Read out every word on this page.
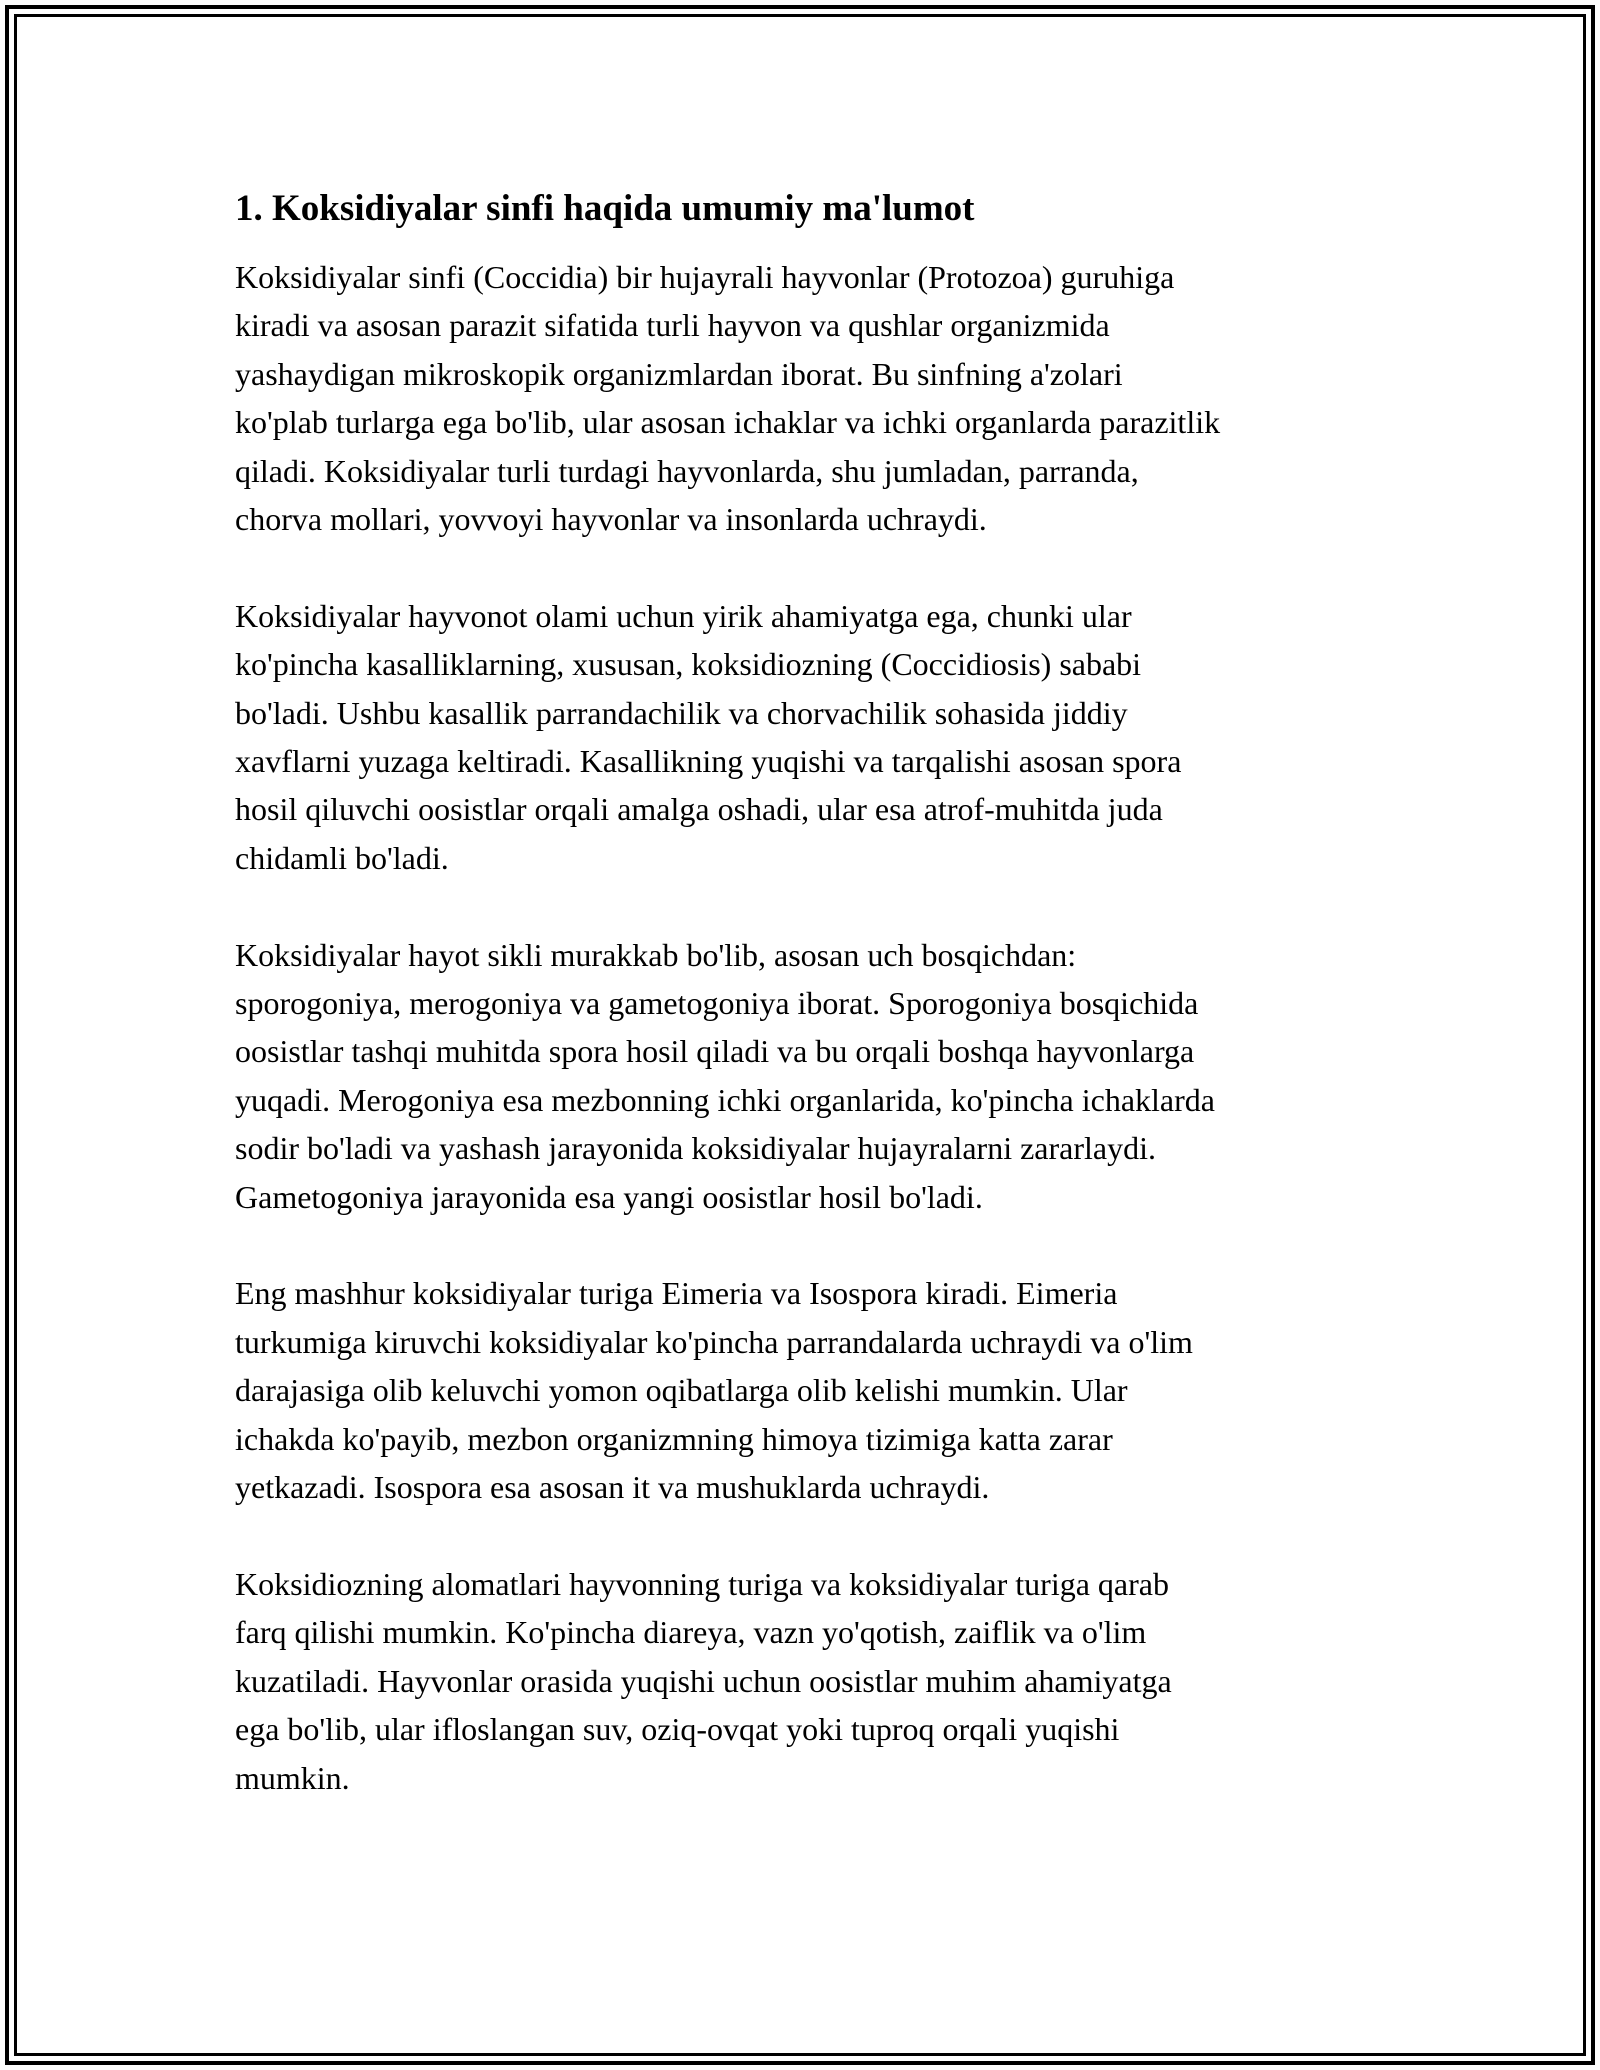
1. Koksidiyalar sinfi haqida umumiy ma'lumot

Koksidiyalar sinfi (Coccidia) bir hujayrali hayvonlar (Protozoa) guruhiga
kiradi va asosan parazit sifatida turli hayvon va qushlar organizmida
yashaydigan mikroskopik organizmlardan iborat. Bu sinfning a'zolari
ko'plab turlarga ega bo'lib, ular asosan ichaklar va ichki organlarda parazitlik
qiladi. Koksidiyalar turli turdagi hayvonlarda, shu jumladan, parranda,
chorva mollari, yovvoyi hayvonlar va insonlarda uchraydi.

Koksidiyalar hayvonot olami uchun yirik ahamiyatga ega, chunki ular
ko'pincha kasalliklarning, xususan, koksidiozning (Coccidiosis) sababi
bo'ladi. Ushbu kasallik parrandachilik va chorvachilik sohasida jiddiy
xavflarni yuzaga keltiradi. Kasallikning yuqishi va tarqalishi asosan spora
hosil qiluvchi oosistlar orqali amalga oshadi, ular esa atrof-muhitda juda
chidamli bo'ladi.

Koksidiyalar hayot sikli murakkab bo'lib, asosan uch bosqichdan:
sporogoniya, merogoniya va gametogoniya iborat. Sporogoniya bosqichida
oosistlar tashqi muhitda spora hosil qiladi va bu orqali boshqa hayvonlarga
yuqadi. Merogoniya esa mezbonning ichki organlarida, ko'pincha ichaklarda
sodir bo'ladi va yashash jarayonida koksidiyalar hujayralarni zararlaydi.
Gametogoniya jarayonida esa yangi oosistlar hosil bo'ladi.

Eng mashhur koksidiyalar turiga Eimeria va Isospora kiradi. Eimeria
turkumiga kiruvchi koksidiyalar ko'pincha parrandalarda uchraydi va o'lim
darajasiga olib keluvchi yomon oqibatlarga olib kelishi mumkin. Ular
ichakda ko'payib, mezbon organizmning himoya tizimiga katta zarar
yetkazadi. Isospora esa asosan it va mushuklarda uchraydi.

Koksidiozning alomatlari hayvonning turiga va koksidiyalar turiga qarab
farq qilishi mumkin. Ko'pincha diareya, vazn yo'qotish, zaiflik va o'lim
kuzatiladi. Hayvonlar orasida yuqishi uchun oosistlar muhim ahamiyatga
ega bo'lib, ular ifloslangan suv, oziq-ovqat yoki tuproq orqali yuqishi
mumkin.
